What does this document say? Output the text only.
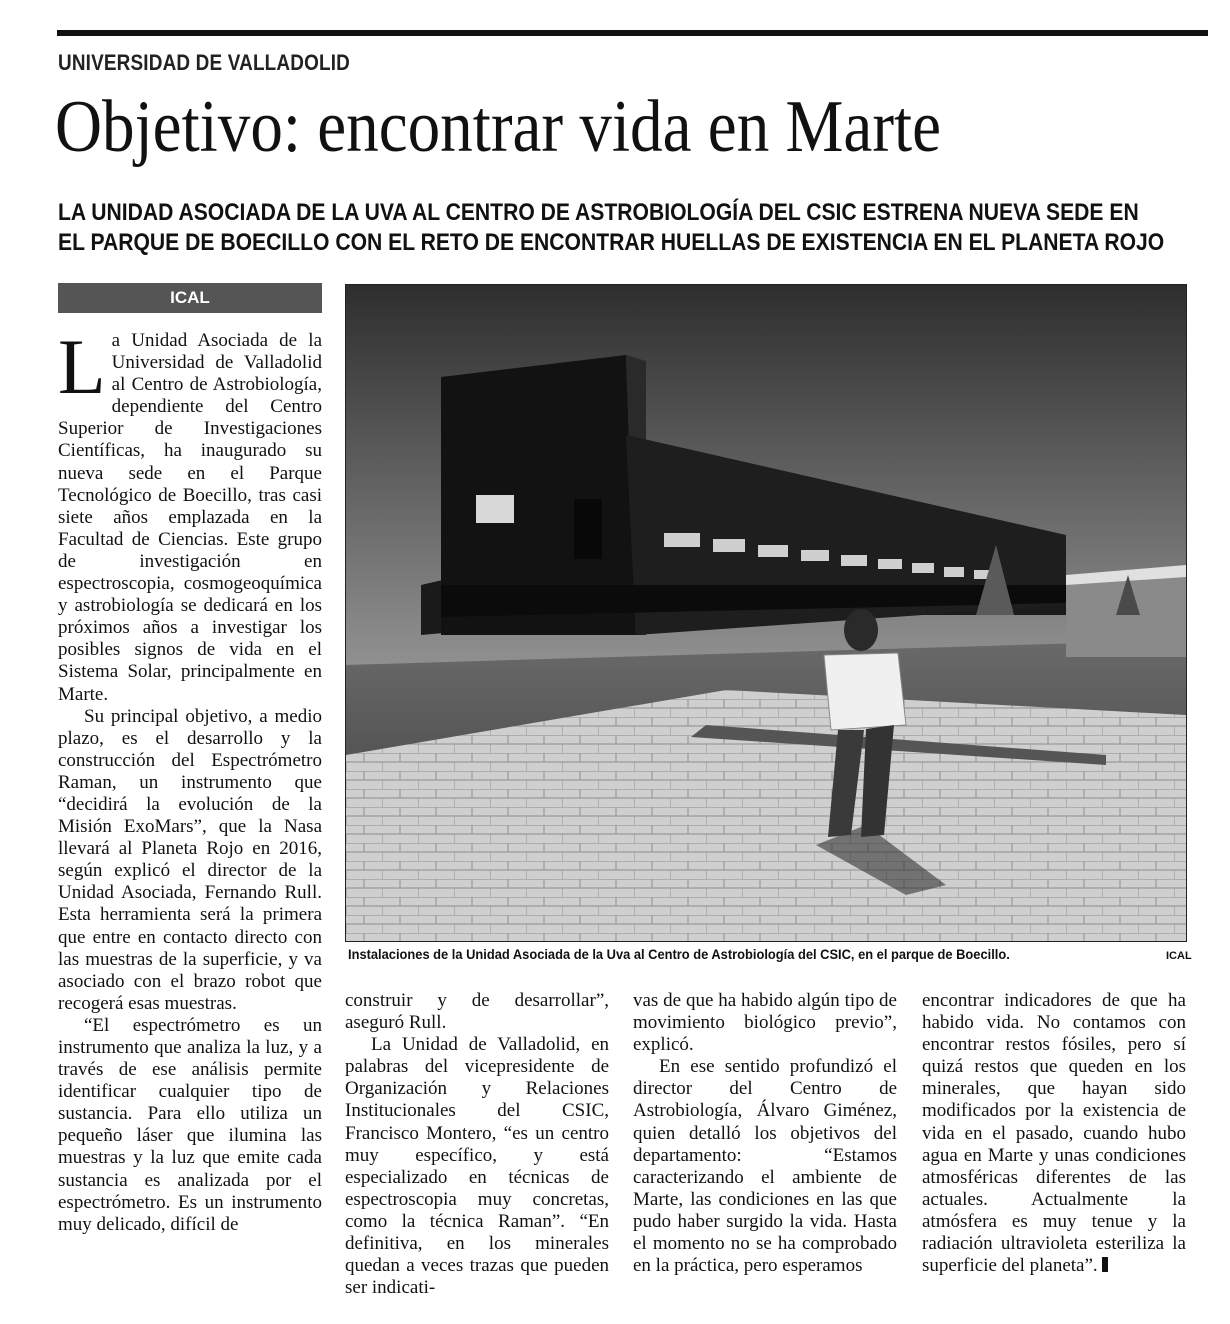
UNIVERSIDAD DE VALLADOLID
Objetivo: encontrar vida en Marte
LA UNIDAD ASOCIADA DE LA UVA AL CENTRO DE ASTROBIOLOGÍA DEL CSIC ESTRENA NUEVA SEDE EN
EL PARQUE DE BOECILLO CON EL RETO DE ENCONTRAR HUELLAS DE EXISTENCIA EN EL PLANETA ROJO
ICAL

La Unidad Asociada de la Universidad de Valladolid al Centro de Astrobiología, dependiente del Centro Superior de Investigaciones Científicas, ha inaugurado su nueva sede en el Parque Tecnológico de Boecillo, tras casi siete años emplazada en la Facultad de Ciencias. Este grupo de investigación en espectroscopia, cosmogeoquímica y astrobiología se dedicará en los próximos años a investigar los posibles signos de vida en el Sistema Solar, principalmente en Marte.

Su principal objetivo, a medio plazo, es el desarrollo y la construcción del Espectrómetro Raman, un instrumento que “decidirá la evolución de la Misión ExoMars”, que la Nasa llevará al Planeta Rojo en 2016, según explicó el director de la Unidad Asociada, Fernando Rull. Esta herramienta será la primera que entre en contacto directo con las muestras de la superficie, y va asociado con el brazo robot que recogerá esas muestras.

“El espectrómetro es un instrumento que analiza la luz, y a través de ese análisis permite identificar cualquier tipo de sustancia. Para ello utiliza un pequeño láser que ilumina las muestras y la luz que emite cada sustancia es analizada por el espectrómetro. Es un instrumento muy delicado, difícil de

Instalaciones de la Unidad Asociada de la Uva al Centro de Astrobiología del CSIC, en el parque de Boecillo.	ICAL

construir y de desarrollar”, aseguró Rull.

La Unidad de Valladolid, en palabras del vicepresidente de Organización y Relaciones Institucionales del CSIC, Francisco Montero, “es un centro muy específico, y está especializado en técnicas de espectroscopia muy concretas, como la técnica Raman”. “En definitiva, en los minerales quedan a veces trazas que pueden ser indicati-

vas de que ha habido algún tipo de movimiento biológico previo”, explicó.

En ese sentido profundizó el director del Centro de Astrobiología, Álvaro Giménez, quien detalló los objetivos del departamento: “Estamos caracterizando el ambiente de Marte, las condiciones en las que pudo haber surgido la vida. Hasta el momento no se ha comprobado en la práctica, pero esperamos

encontrar indicadores de que ha habido vida. No contamos con encontrar restos fósiles, pero sí quizá restos que queden en los minerales, que hayan sido modificados por la existencia de vida en el pasado, cuando hubo agua en Marte y unas condiciones atmosféricas diferentes de las actuales. Actualmente la atmósfera es muy tenue y la radiación ultravioleta esteriliza la superficie del planeta”.
